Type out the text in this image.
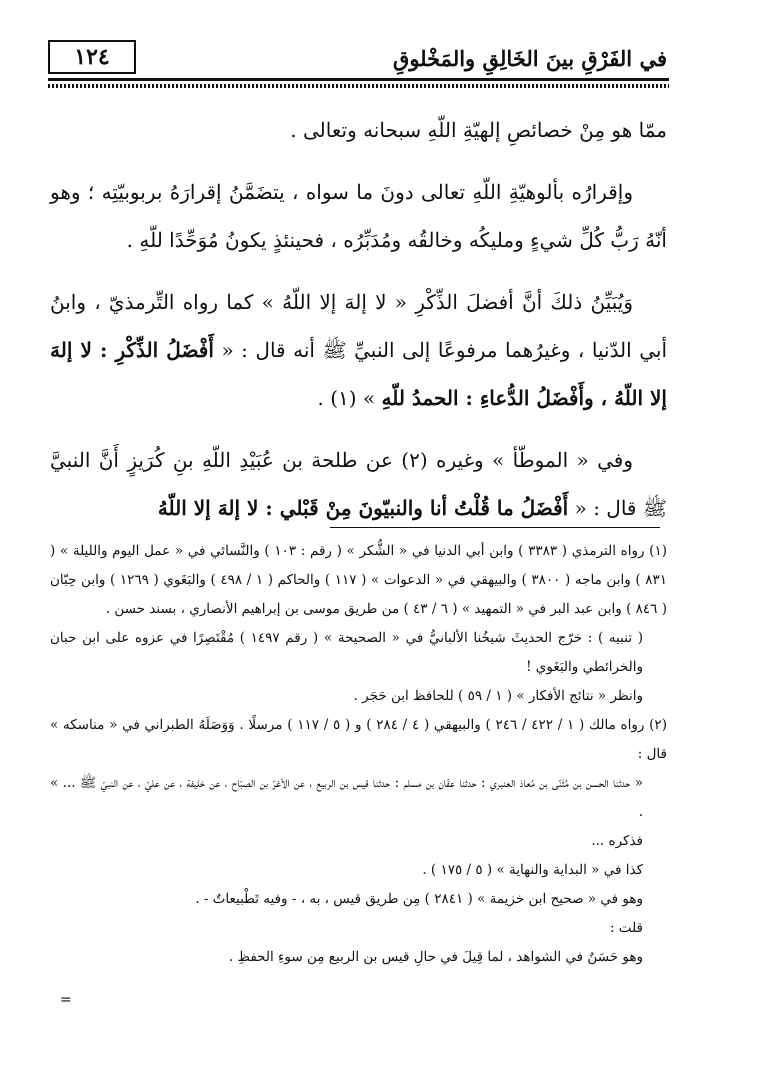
في الفَرْقِ بينَ الخَالِقِ والمَخْلوقِ
١٢٤

ممّا هو مِنْ خصائصِ إلهيّةِ اللّهِ سبحانه وتعالى .

وإقرارُه بألوهيّةِ اللّهِ تعالى دونَ ما سواه ، يتضَمَّنُ إقرارَهُ بربوبيّتِه ؛ وهو أنّهُ رَبُّ كُلِّ شيءٍ ومليكُه وخالقُه ومُدَبِّرُه ، فحينئذٍ يكونُ مُوَحِّدًا للّهِ .

وَيُبَيِّنُ ذلكَ أنَّ أفضلَ الذِّكْرِ « لا إلهَ إلا اللّهُ » كما رواه التِّرمذيّ ، وابنُ أبي الدّنيا ، وغيرُهما مرفوعًا إلى النبيِّ ﷺ أنه قال : « أَفْضَلُ الذِّكْرِ : لا إلهَ إلا اللّهُ ، وأَفْضَلُ الدُّعاءِ : الحمدُ للّهِ » (١) .

وفي « الموطّأ » وغيره (٢) عن طلحة بن عُبَيْدِ اللّهِ بنِ كُرَيزٍ أَنَّ النبيَّ ﷺ قال : « أَفْضَلُ ما قُلْتُ أنا والنبيّونَ مِنْ قَبْلي : لا إلهَ إلا اللّهُ

(١) رواه الترمذي ( ٣٣٨٣ ) وابن أبي الدنيا في « الشُّكر » ( رقم : ١٠٣ ) والنَّسائي في « عمل اليوم والليلة » ( ٨٣١ ) وابن ماجه ( ٣٨٠٠ ) والبيهقي في « الدعوات » ( ١١٧ ) والحاكم ( ١ / ٤٩٨ ) والبَغَوي ( ١٢٦٩ ) وابن حِبّان ( ٨٤٦ ) وابن عبد البر في « التمهيد » ( ٦ / ٤٣ ) من طريق موسى بن إبراهيم الأنصاري ، بسند حسن .
( تنبيه ) : خرّج الحديثَ شيخُنا الألبانيُّ في « الصحيحة » ( رقم ١٤٩٧ ) مُقْتَصِرًا في عزوه على ابن حبان والخرائطي والبَغَوي !
وانظر « نتائج الأفكار » ( ١ / ٥٩ ) للحافظ ابن حَجَر .
(٢) رواه مالك ( ١ / ٤٢٢ / ٢٤٦ ) والبيهقي ( ٤ / ٢٨٤ ) و ( ٥ / ١١٧ ) مرسلًا . وَوَصَلَهُ الطبراني في « مناسكه » قال :
« حدثنا الحسن بن مُثَنّى بن مُعاذ العنبري : حدثنا عفّان بن مسلم : حدثنا قيس بن الربيع ، عن الأغرّ بن الصبّاح ، عن خليفة ، عن عليّ ، عن النبيّ ﷺ ... » .
فذكره ...
كذا في « البداية والنهاية » ( ٥ / ١٧٥ ) .
وهو في « صحيح ابن خزيمة » ( ٢٨٤١ ) مِن طريق قيس ، به ، - وفيه تَطْبيعاتٌ - .
قلت :
وهو حَسَنٌ في الشواهد ، لما قِيلَ في حالِ قيس بن الربيع مِن سوءِ الحفظِ .
=
